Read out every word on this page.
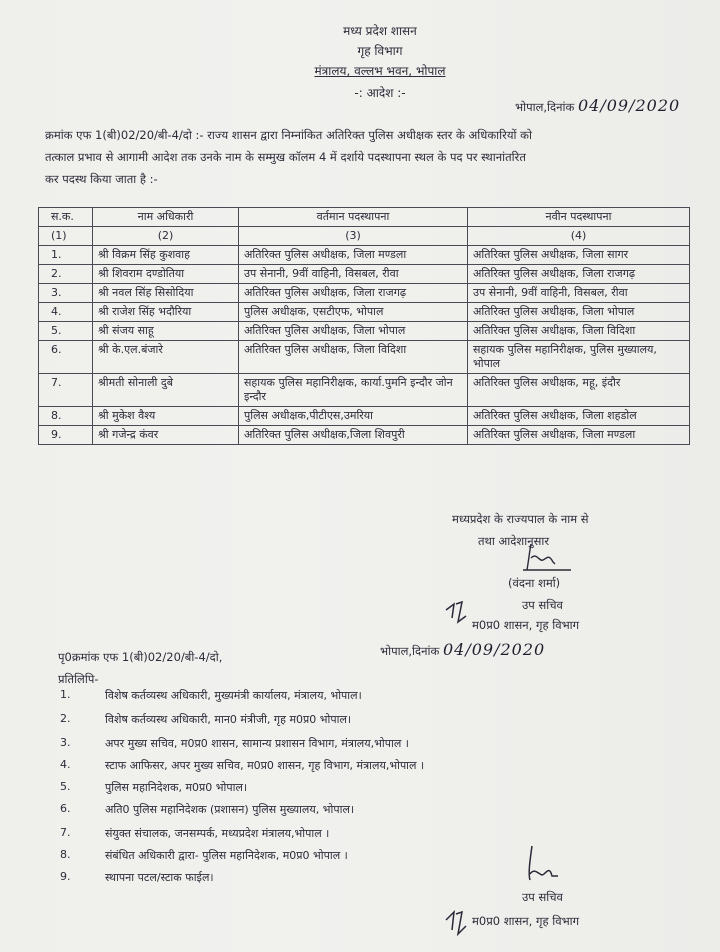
मध्य प्रदेश शासन
गृह विभाग
मंत्रालय, वल्लभ भवन, भोपाल
-: आदेश :-
भोपाल,दिनांक 04/09/2020
क्रमांक एफ 1(बी)02/20/बी-4/दो :- राज्य शासन द्वारा निम्नांकित अतिरिक्त पुलिस अधीक्षक स्तर के अधिकारियों को
तत्काल प्रभाव से आगामी आदेश तक उनके नाम के सम्मुख कॉलम 4 में दर्शाये पदस्थापना स्थल के पद पर स्थानांतरित
कर पदस्थ किया जाता है :-
स.क.	नाम अधिकारी	वर्तमान पदस्थापना	नवीन पदस्थापना
(1)	(2)	(3)	(4)
1.	श्री विक्रम सिंह कुशवाह	अतिरिक्त पुलिस अधीक्षक, जिला मण्डला	अतिरिक्त पुलिस अधीक्षक, जिला सागर
2.	श्री शिवराम दण्डोतिया	उप सेनानी, 9वीं वाहिनी, विसबल, रीवा	अतिरिक्त पुलिस अधीक्षक, जिला राजगढ़
3.	श्री नवल सिंह सिसोदिया	अतिरिक्त पुलिस अधीक्षक, जिला राजगढ़	उप सेनानी, 9वीं वाहिनी, विसबल, रीवा
4.	श्री राजेश सिंह भदौरिया	पुलिस अधीक्षक, एसटीएफ, भोपाल	अतिरिक्त पुलिस अधीक्षक, जिला भोपाल
5.	श्री संजय साहू	अतिरिक्त पुलिस अधीक्षक, जिला भोपाल	अतिरिक्त पुलिस अधीक्षक, जिला विदिशा
6.	श्री के.एल.बंजारे	अतिरिक्त पुलिस अधीक्षक, जिला विदिशा	सहायक पुलिस महानिरीक्षक, पुलिस मुख्यालय, भोपाल
7.	श्रीमती सोनाली दुबे	सहायक पुलिस महानिरीक्षक, कार्या.पुमनि इन्दौर जोन इन्दौर	अतिरिक्त पुलिस अधीक्षक, महू, इंदौर
8.	श्री मुकेश वैश्य	पुलिस अधीक्षक,पीटीएस,उमरिया	अतिरिक्त पुलिस अधीक्षक, जिला शहडोल
9.	श्री गजेन्द्र कंवर	अतिरिक्त पुलिस अधीक्षक,जिला शिवपुरी	अतिरिक्त पुलिस अधीक्षक, जिला मण्डला
मध्यप्रदेश के राज्यपाल के नाम से
तथा आदेशानुसार
(वंदना शर्मा)
उप सचिव
म0प्र0 शासन, गृह विभाग
भोपाल,दिनांक 04/09/2020
पृ0क्रमांक एफ 1(बी)02/20/बी-4/दो,
प्रतिलिपि-
1.	विशेष कर्तव्यस्थ अधिकारी, मुख्यमंत्री कार्यालय, मंत्रालय, भोपाल।
2.	विशेष कर्तव्यस्थ अधिकारी, मान0 मंत्रीजी, गृह म0प्र0 भोपाल।
3.	अपर मुख्य सचिव, म0प्र0 शासन, सामान्य प्रशासन विभाग, मंत्रालय,भोपाल ।
4.	स्टाफ आफिसर, अपर मुख्य सचिव, म0प्र0 शासन, गृह विभाग, मंत्रालय,भोपाल ।
5.	पुलिस महानिदेशक, म0प्र0 भोपाल।
6.	अति0 पुलिस महानिदेशक (प्रशासन) पुलिस मुख्यालय, भोपाल।
7.	संयुक्त संचालक, जनसम्पर्क, मध्यप्रदेश मंत्रालय,भोपाल ।
8.	संबंधित अधिकारी द्वारा- पुलिस महानिदेशक, म0प्र0 भोपाल ।
9.	स्थापना पटल/स्टाक फाईल।
उप सचिव
म0प्र0 शासन, गृह विभाग
